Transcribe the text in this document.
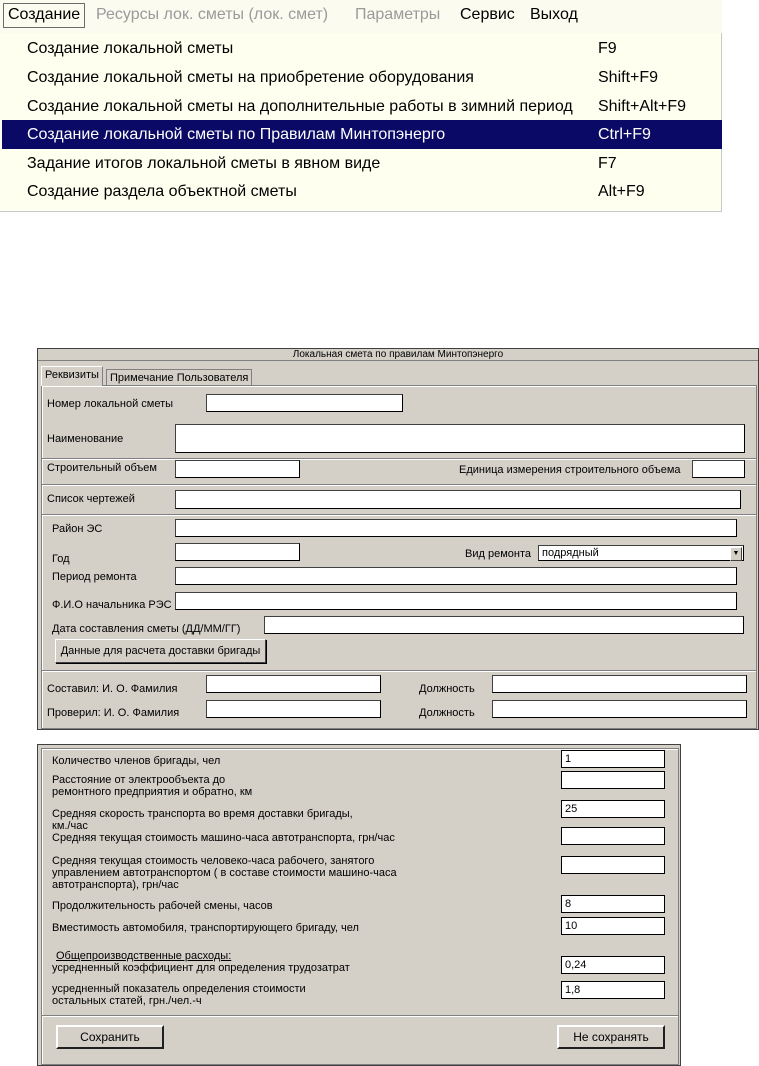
Создание Ресурсы лок. сметы (лок. смет) Параметры Сервис Выход
Создание локальной сметы	F9
Создание локальной сметы на приобретение оборудования	Shift+F9
Создание локальной сметы на дополнительные работы в зимний период Shift+Alt+F9
Создание локальной сметы по Правилам Минтопэнерго	Ctrl+F9
Задание итогов локальной сметы в явном виде	F7
Создание раздела объектной сметы	Alt+F9
Локальная смета по правилам Минтопэнерго
Реквизиты	Примечание Пользователя
Номер локальной сметы
Наименование
Строительный объем	Единица измерения строительного объема
Список чертежей
Район ЭС
Год	Вид ремонта	подрядный	▼
Период ремонта
Ф.И.О начальника РЭС
Дата составления сметы (ДД/ММ/ГГ)
Данные для расчета доставки бригады
Составил: И. О. Фамилия	Должность
Проверил: И. О. Фамилия	Должность
Количество членов бригады, чел
1
Расстояние от электрообъекта до
ремонтного предприятия и обратно, км
Средняя скорость транспорта во время доставки бригады,
км./час
25
Средняя текущая стоимость машино-часа автотранспорта, грн/час
Средняя текущая стоимость человеко-часа рабочего, занятого
управлением автотранспортом ( в составе стоимости машино-часа
автотранспорта), грн/час
Продолжительность рабочей смены, часов
8
Вместимость автомобиля, транспортирующего бригаду, чел
10
Общепроизводственные расходы:
усредненный коэффициент для определения трудозатрат
0,24
усредненный показатель определения стоимости
остальных статей, грн./чел.-ч
1,8
Сохранить	Не сохранять
